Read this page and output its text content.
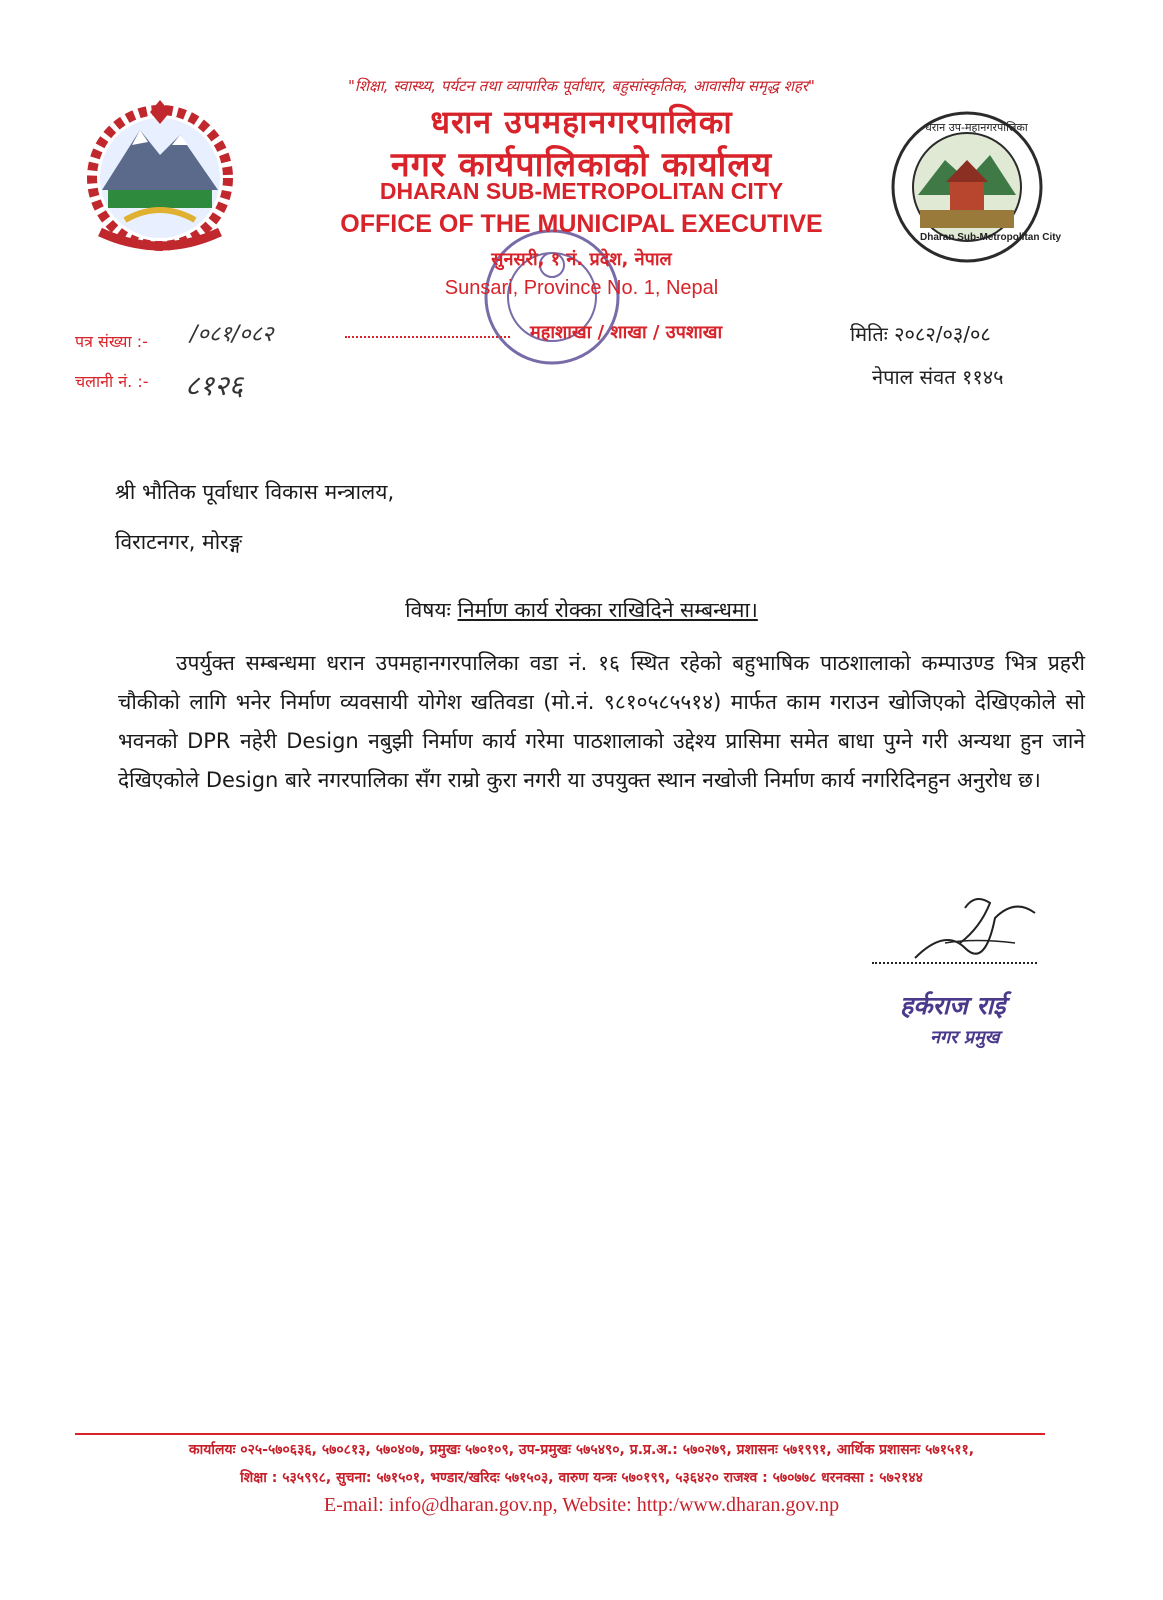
धरान उप-महानगरपालिका
Dharan Sub-Metropolitan City
"शिक्षा, स्वास्थ्य, पर्यटन तथा व्यापारिक पूर्वाधार, बहुसांस्कृतिक, आवासीय समृद्ध शहर"
धरान उपमहानगरपालिका
नगर कार्यपालिकाको कार्यालय
DHARAN SUB-METROPOLITAN CITY
OFFICE OF THE MUNICIPAL EXECUTIVE
सुनसरी, १ नं. प्रदेश, नेपाल
Sunsari, Province No. 1, Nepal
पत्र संख्या :- /०८१/०८२	महाशाखा / शाखा / उपशाखा	मितिः २०८२/०३/०८
चलानी नं. :- ८१२६	नेपाल संवत ११४५
श्री भौतिक पूर्वाधार विकास मन्त्रालय,
विराटनगर, मोरङ्ग
विषयः निर्माण कार्य रोक्का राखिदिने सम्बन्धमा।
उपर्युक्त सम्बन्धमा धरान उपमहानगरपालिका वडा नं. १६ स्थित रहेको बहुभाषिक पाठशालाको कम्पाउण्ड भित्र प्रहरी चौकीको लागि भनेर निर्माण व्यवसायी योगेश खतिवडा (मो.नं. ९८१०५८५५१४) मार्फत काम गराउन खोजिएको देखिएकोले सो भवनको DPR नहेरी Design नबुझी निर्माण कार्य गरेमा पाठशालाको उद्देश्य प्रासिमा समेत बाधा पुग्ने गरी अन्यथा हुन जाने देखिएकोले Design बारे नगरपालिका सँग राम्रो कुरा नगरी या उपयुक्त स्थान नखोजी निर्माण कार्य नगरिदिनहुन अनुरोध छ।
हर्कराज राई
नगर प्रमुख
कार्यालयः ०२५-५७०६३६, ५७०८१३, ५७०४०७, प्रमुखः ५७०१०९, उप-प्रमुखः ५७५४९०, प्र.प्र.अ.: ५७०२७९, प्रशासनः ५७१९९१, आर्थिक प्रशासनः ५७१५११,
शिक्षा : ५३५९९८, सुचना: ५७१५०१, भण्डार/खरिदः ५७१५०३, वारुण यन्त्रः ५७०१९९, ५३६४२० राजश्व : ५७०७७८ धरनक्सा : ५७२१४४
E-mail: info@dharan.gov.np, Website: http:/www.dharan.gov.np
